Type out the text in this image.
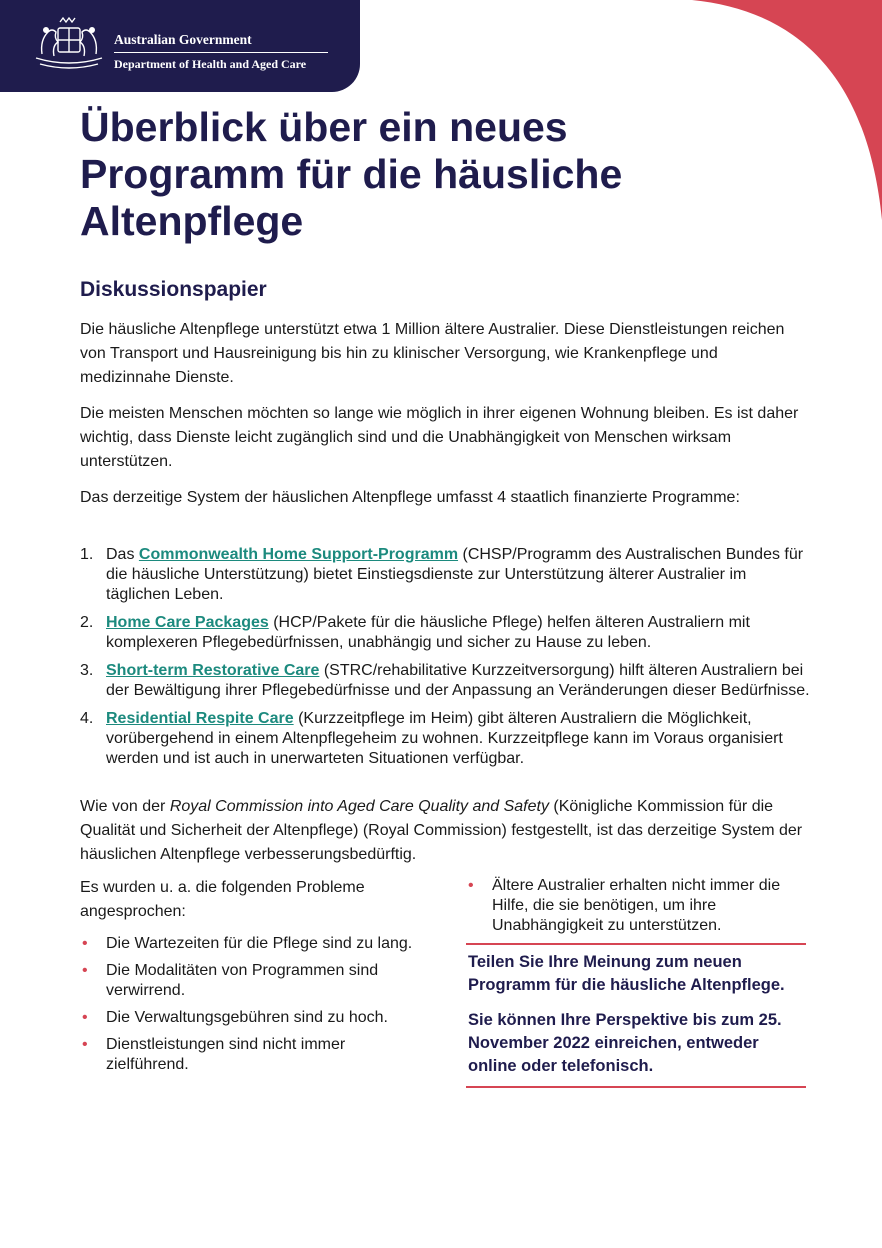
Australian Government
Department of Health and Aged Care
Überblick über ein neues Programm für die häusliche Altenpflege
Diskussionspapier

Die häusliche Altenpflege unterstützt etwa 1 Million ältere Australier. Diese Dienstleistungen reichen von Transport und Hausreinigung bis hin zu klinischer Versorgung, wie Krankenpflege und medizinnahe Dienste.

Die meisten Menschen möchten so lange wie möglich in ihrer eigenen Wohnung bleiben. Es ist daher wichtig, dass Dienste leicht zugänglich sind und die Unabhängigkeit von Menschen wirksam unterstützen.

Das derzeitige System der häuslichen Altenpflege umfasst 4 staatlich finanzierte Programme:

1. Das Commonwealth Home Support-Programm (CHSP/Programm des Australischen Bundes für die häusliche Unterstützung) bietet Einstiegsdienste zur Unterstützung älterer Australier im täglichen Leben.
2. Home Care Packages (HCP/Pakete für die häusliche Pflege) helfen älteren Australiern mit komplexeren Pflegebedürfnissen, unabhängig und sicher zu Hause zu leben.
3. Short-term Restorative Care (STRC/rehabilitative Kurzzeitversorgung) hilft älteren Australiern bei der Bewältigung ihrer Pflegebedürfnisse und der Anpassung an Veränderungen dieser Bedürfnisse.
4. Residential Respite Care (Kurzzeitpflege im Heim) gibt älteren Australiern die Möglichkeit, vorübergehend in einem Altenpflegeheim zu wohnen. Kurzzeitpflege kann im Voraus organisiert werden und ist auch in unerwarteten Situationen verfügbar.

Wie von der Royal Commission into Aged Care Quality and Safety (Königliche Kommission für die Qualität und Sicherheit der Altenpflege) (Royal Commission) festgestellt, ist das derzeitige System der häuslichen Altenpflege verbesserungsbedürftig.

Es wurden u. a. die folgenden Probleme angesprochen:

• Die Wartezeiten für die Pflege sind zu lang.
• Die Modalitäten von Programmen sind verwirrend.
• Die Verwaltungsgebühren sind zu hoch.
• Dienstleistungen sind nicht immer zielführend.
• Ältere Australier erhalten nicht immer die Hilfe, die sie benötigen, um ihre Unabhängigkeit zu unterstützen.

Teilen Sie Ihre Meinung zum neuen Programm für die häusliche Altenpflege.

Sie können Ihre Perspektive bis zum 25. November 2022 einreichen, entweder online oder telefonisch.
